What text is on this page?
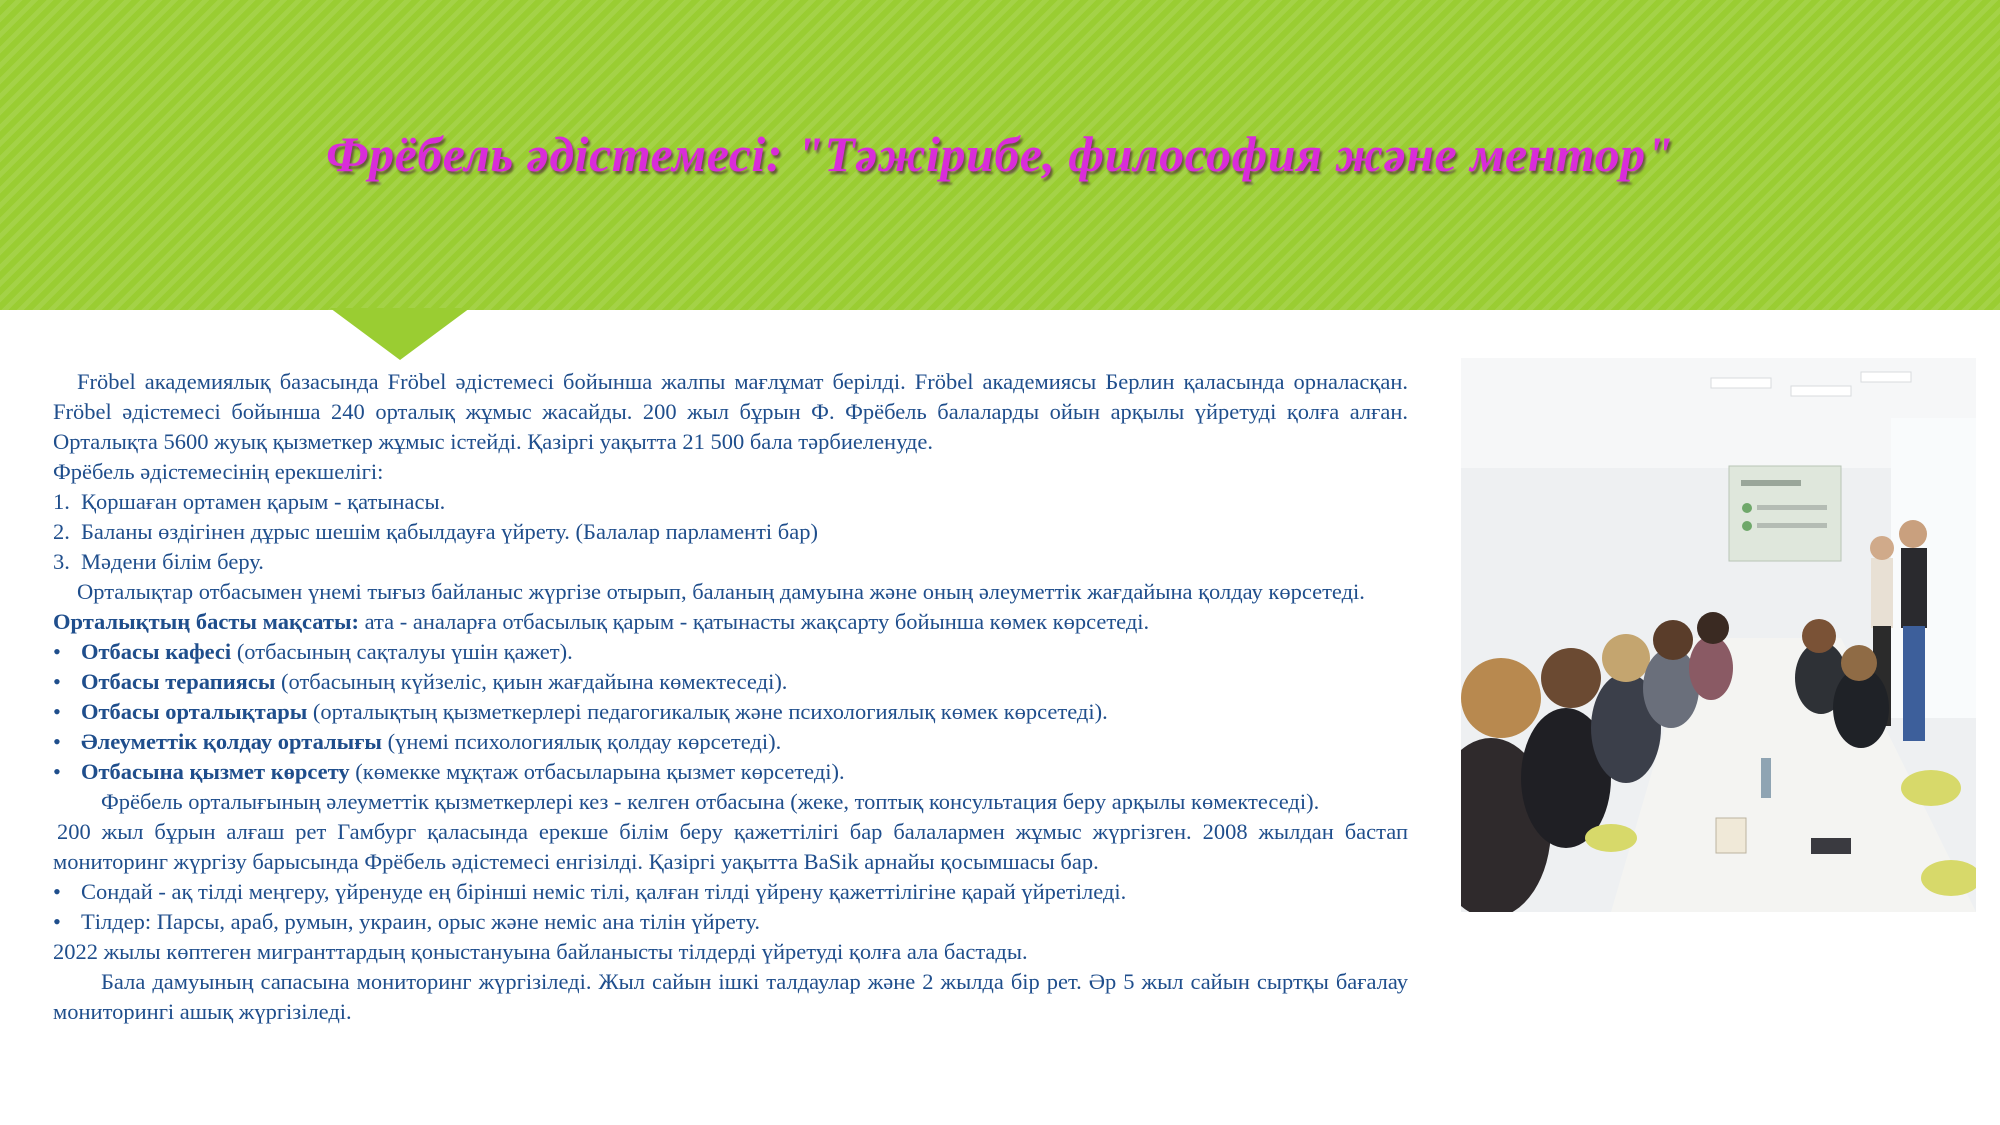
Фрёбель әдістемесі: "Тәжірибе, философия және ментор"

Fröbel академиялық базасында Fröbel әдістемесі бойынша жалпы мағлұмат берілді. Fröbel академиясы Берлин қаласында орналасқан. Fröbel әдістемесі бойынша 240 орталық жұмыс жасайды. 200 жыл бұрын Ф. Фрёбель балаларды ойын арқылы үйретуді қолға алған. Орталықта 5600 жуық қызметкер жұмыс істейді. Қазіргі уақытта 21 500 бала тәрбиеленуде.

Фрёбель әдістемесінің ерекшелігі:

1. Қоршаған ортамен қарым - қатынасы.
2. Баланы өздігінен дұрыс шешім қабылдауға үйрету. (Балалар парламенті бар)
3. Мәдени білім беру.

Орталықтар отбасымен үнемі тығыз байланыс жүргізе отырып, баланың дамуына және оның әлеуметтік жағдайына қолдау көрсетеді.

Орталықтың басты мақсаты: ата - аналарға отбасылық қарым - қатынасты жақсарту бойынша көмек көрсетеді.

• Отбасы кафесі (отбасының сақталуы үшін қажет).
• Отбасы терапиясы (отбасының күйзеліс, қиын жағдайына көмектеседі).
• Отбасы орталықтары (орталықтың қызметкерлері педагогикалық және психологиялық көмек көрсетеді).
• Әлеуметтік қолдау орталығы (үнемі психологиялық қолдау көрсетеді).
• Отбасына қызмет көрсету (көмекке мұқтаж отбасыларына қызмет көрсетеді).

Фрёбель орталығының әлеуметтік қызметкерлері кез - келген отбасына (жеке, топтық консультация беру арқылы көмектеседі).

200 жыл бұрын алғаш рет Гамбург қаласында ерекше білім беру қажеттілігі бар балалармен жұмыс жүргізген. 2008 жылдан бастап мониторинг жүргізу барысында Фрёбель әдістемесі енгізілді. Қазіргі уақытта BaSik арнайы қосымшасы бар.

• Сондай - ақ тілді меңгеру, үйренуде ең бірінші неміс тілі, қалған тілді үйрену қажеттілігіне қарай үйретіледі.
• Тілдер: Парсы, араб, румын, украин, орыс және неміс ана тілін үйрету.

2022 жылы көптеген мигранттардың қоныстануына байланысты тілдерді үйретуді қолға ала бастады.

Бала дамуының сапасына мониторинг жүргізіледі. Жыл сайын ішкі талдаулар және 2 жылда бір рет. Әр 5 жыл сайын сыртқы бағалау мониторингі ашық жүргізіледі.
